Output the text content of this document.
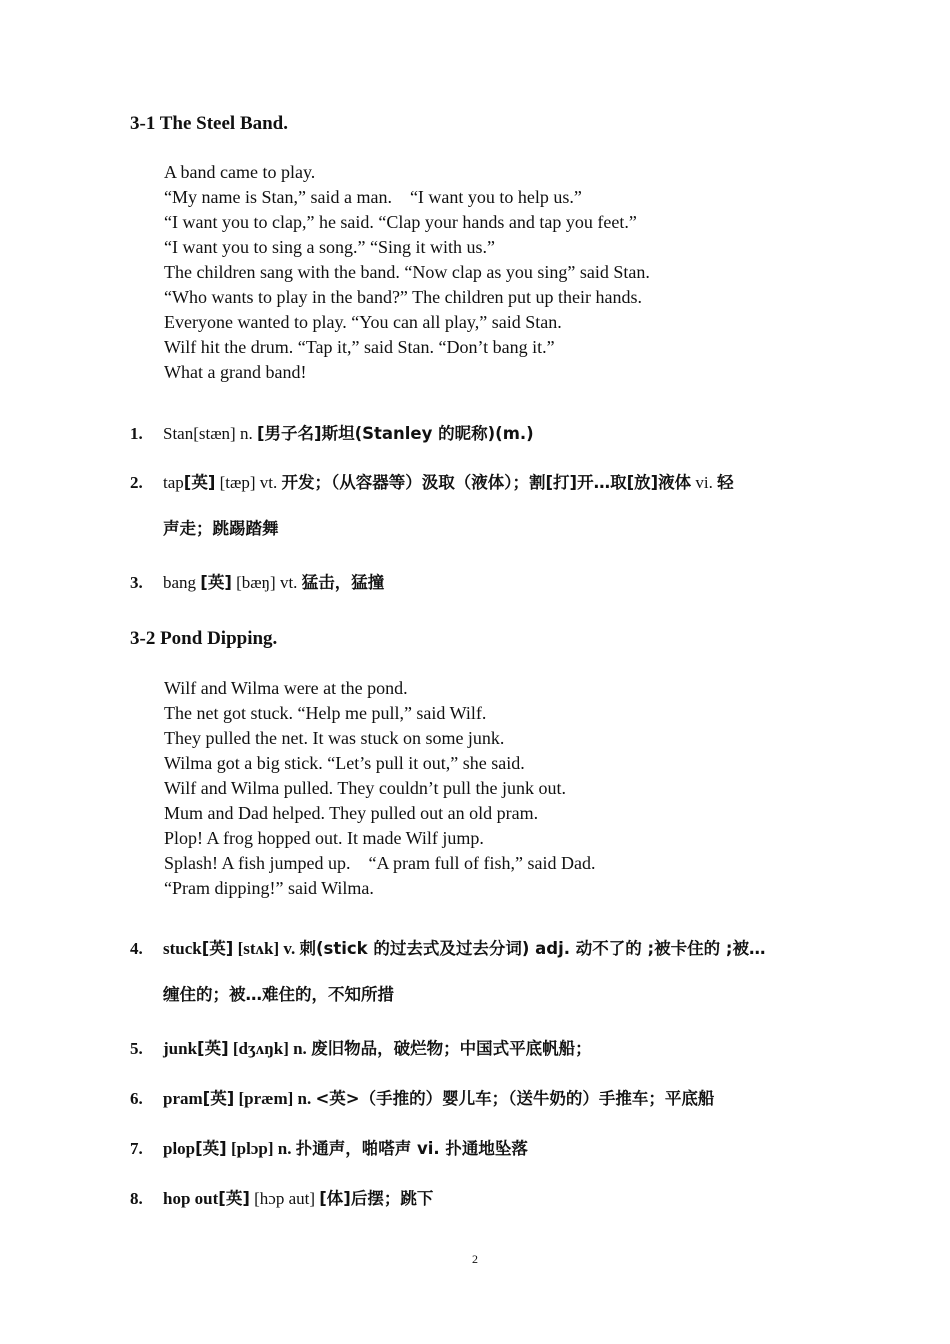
3-1 The Steel Band.
A band came to play.
“My name is Stan,” said a man.    “I want you to help us.”
“I want you to clap,” he said. “Clap your hands and tap you feet.”
“I want you to sing a song.” “Sing it with us.”
The children sang with the band. “Now clap as you sing” said Stan.
“Who wants to play in the band?” The children put up their hands.
Everyone wanted to play. “You can all play,” said Stan.
Wilf hit the drum. “Tap it,” said Stan. “Don’t bang it.”
What a grand band!
1. Stan[stæn] n. [男子名]斯坦(Stanley 的昵称)(m.)
2. tap[英] [tæp] vt. 开发；（从容器等）汲取（液体）；割[打]开…取[放]液体 vi. 轻
声走；跳踢踏舞
3. bang [英] [bæŋ] vt. 猛击，猛撞
3-2 Pond Dipping.
Wilf and Wilma were at the pond.
The net got stuck. “Help me pull,” said Wilf.
They pulled the net. It was stuck on some junk.
Wilma got a big stick. “Let’s pull it out,” she said.
Wilf and Wilma pulled. They couldn’t pull the junk out.
Mum and Dad helped. They pulled out an old pram.
Plop! A frog hopped out. It made Wilf jump.
Splash! A fish jumped up.    “A pram full of fish,” said Dad.
“Pram dipping!” said Wilma.
4. stuck[英] [stʌk] v. 刺(stick 的过去式及过去分词) adj. 动不了的 ;被卡住的 ;被…
缠住的；被…难住的，不知所措
5. junk[英] [dʒʌŋk] n. 废旧物品，破烂物；中国式平底帆船；
6. pram[英] [præm] n. <英>（手推的）婴儿车；（送牛奶的）手推车；平底船
7. plop[英] [plɔp] n. 扑通声，啪嗒声 vi. 扑通地坠落
8. hop out[英] [hɔp aut] [体]后摆；跳下
2
